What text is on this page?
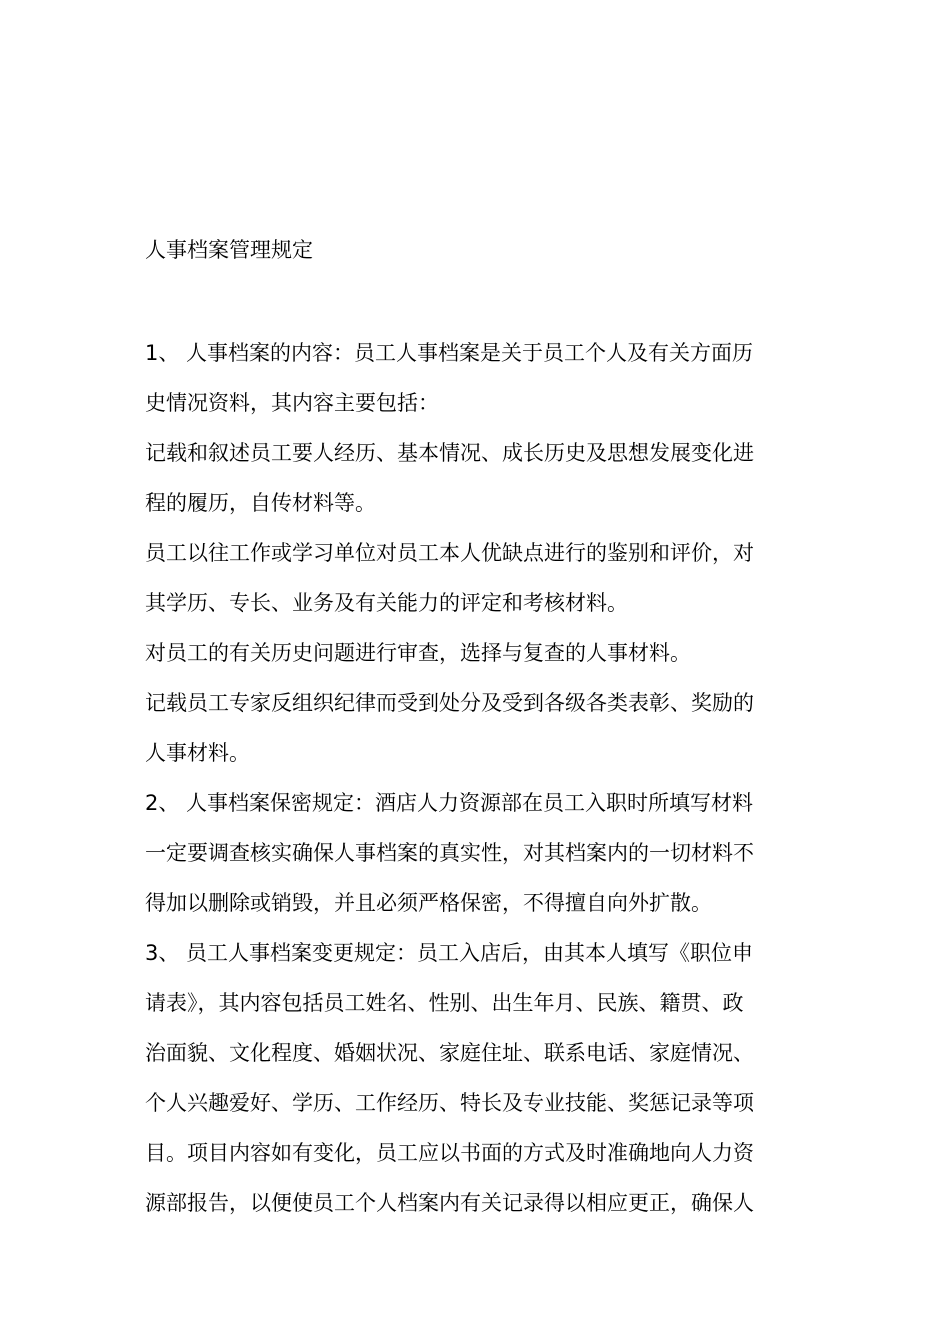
人事档案管理规定

1、 人事档案的内容：员工人事档案是关于员工个人及有关方面历

史情况资料，其内容主要包括：

记载和叙述员工要人经历、基本情况、成长历史及思想发展变化进

程的履历，自传材料等。

员工以往工作或学习单位对员工本人优缺点进行的鉴别和评价，对

其学历、专长、业务及有关能力的评定和考核材料。

对员工的有关历史问题进行审查，选择与复查的人事材料。

记载员工专家反组织纪律而受到处分及受到各级各类表彰、奖励的

人事材料。

2、 人事档案保密规定：酒店人力资源部在员工入职时所填写材料

一定要调查核实确保人事档案的真实性，对其档案内的一切材料不

得加以删除或销毁，并且必须严格保密，不得擅自向外扩散。

3、 员工人事档案变更规定：员工入店后，由其本人填写《职位申

请表》，其内容包括员工姓名、性别、出生年月、民族、籍贯、政

治面貌、文化程度、婚姻状况、家庭住址、联系电话、家庭情况、

个人兴趣爱好、学历、工作经历、特长及专业技能、奖惩记录等项

目。项目内容如有变化，员工应以书面的方式及时准确地向人力资

源部报告，以便使员工个人档案内有关记录得以相应更正，确保人
